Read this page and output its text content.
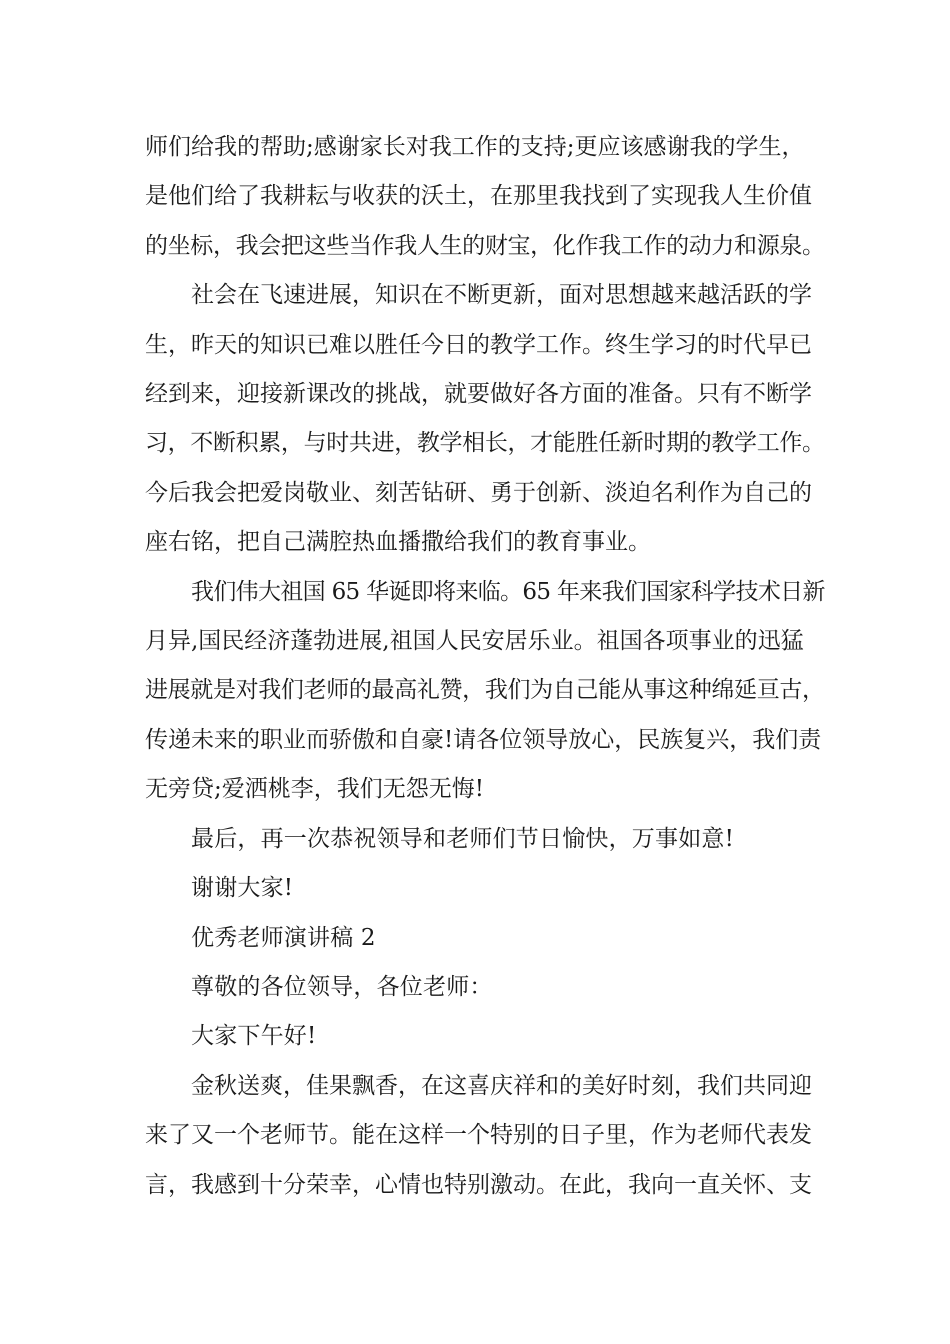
师们给我的帮助;感谢家长对我工作的支持;更应该感谢我的学生，
是他们给了我耕耘与收获的沃土，在那里我找到了实现我人生价值
的坐标，我会把这些当作我人生的财宝，化作我工作的动力和源泉。
社会在飞速进展，知识在不断更新，面对思想越来越活跃的学
生，昨天的知识已难以胜任今日的教学工作。终生学习的时代早已
经到来，迎接新课改的挑战，就要做好各方面的准备。只有不断学
习，不断积累，与时共进，教学相长，才能胜任新时期的教学工作。
今后我会把爱岗敬业、刻苦钻研、勇于创新、淡迫名利作为自己的
座右铭，把自己满腔热血播撒给我们的教育事业。
我们伟大祖国 65 华诞即将来临。65 年来我们国家科学技术日新
月异,国民经济蓬勃进展,祖国人民安居乐业。祖国各项事业的迅猛
进展就是对我们老师的最高礼赞，我们为自己能从事这种绵延亘古，
传递未来的职业而骄傲和自豪!请各位领导放心，民族复兴，我们责
无旁贷;爱洒桃李，我们无怨无悔!

最后，再一次恭祝领导和老师们节日愉快，万事如意!

谢谢大家!

优秀老师演讲稿 2

尊敬的各位领导，各位老师：

大家下午好!

金秋送爽，佳果飘香，在这喜庆祥和的美好时刻，我们共同迎
来了又一个老师节。能在这样一个特别的日子里，作为老师代表发
言，我感到十分荣幸，心情也特别激动。在此，我向一直关怀、支
